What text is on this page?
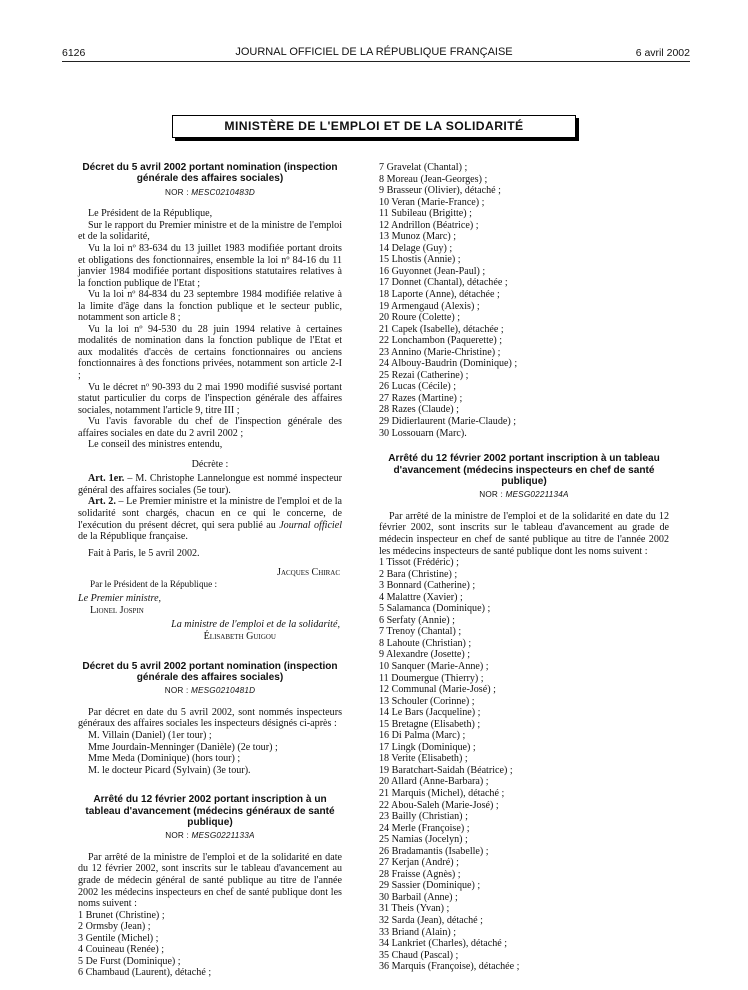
6126	JOURNAL OFFICIEL DE LA RÉPUBLIQUE FRANÇAISE	6 avril 2002
MINISTÈRE DE L'EMPLOI ET DE LA SOLIDARITÉ
Décret du 5 avril 2002 portant nomination (inspection générale des affaires sociales)
NOR : MESC0210483D
Le Président de la République,
Sur le rapport du Premier ministre et de la ministre de l'emploi et de la solidarité,
Vu la loi nº 83-634 du 13 juillet 1983 modifiée portant droits et obligations des fonctionnaires, ensemble la loi nº 84-16 du 11 janvier 1984 modifiée portant dispositions statutaires relatives à la fonction publique de l'Etat ;
Vu la loi nº 84-834 du 23 septembre 1984 modifiée relative à la limite d'âge dans la fonction publique et le secteur public, notamment son article 8 ;
Vu la loi nº 94-530 du 28 juin 1994 relative à certaines modalités de nomination dans la fonction publique de l'Etat et aux modalités d'accès de certains fonctionnaires ou anciens fonctionnaires à des fonctions privées, notamment son article 2-I ;
Vu le décret nº 90-393 du 2 mai 1990 modifié susvisé portant statut particulier du corps de l'inspection générale des affaires sociales, notamment l'article 9, titre III ;
Vu l'avis favorable du chef de l'inspection générale des affaires sociales en date du 2 avril 2002 ;
Le conseil des ministres entendu,
Décrète :
Art. 1er. – M. Christophe Lannelongue est nommé inspecteur général des affaires sociales (5e tour).
Art. 2. – Le Premier ministre et la ministre de l'emploi et de la solidarité sont chargés, chacun en ce qui le concerne, de l'exécution du présent décret, qui sera publié au Journal officiel de la République française.
Fait à Paris, le 5 avril 2002.
Jacques Chirac
Par le Président de la République :
Le Premier ministre,
Lionel Jospin
La ministre de l'emploi et de la solidarité,
Élisabeth Guigou
Décret du 5 avril 2002 portant nomination (inspection générale des affaires sociales)
NOR : MESG0210481D
Par décret en date du 5 avril 2002, sont nommés inspecteurs généraux des affaires sociales les inspecteurs désignés ci-après :
M. Villain (Daniel) (1er tour) ;
Mme Jourdain-Menninger (Danièle) (2e tour) ;
Mme Meda (Dominique) (hors tour) ;
M. le docteur Picard (Sylvain) (3e tour).
Arrêté du 12 février 2002 portant inscription à un tableau d'avancement (médecins généraux de santé publique)
NOR : MESG0221133A
Par arrêté de la ministre de l'emploi et de la solidarité en date du 12 février 2002, sont inscrits sur le tableau d'avancement au grade de médecin général de santé publique au titre de l'année 2002 les médecins inspecteurs en chef de santé publique dont les noms suivent :
1 Brunet (Christine) ;
2 Ormsby (Jean) ;
3 Gentile (Michel) ;
4 Couineau (Renée) ;
5 De Furst (Dominique) ;
6 Chambaud (Laurent), détaché ;
7 Gravelat (Chantal) ;
8 Moreau (Jean-Georges) ;
9 Brasseur (Olivier), détaché ;
10 Veran (Marie-France) ;
11 Subileau (Brigitte) ;
12 Andrillon (Béatrice) ;
13 Munoz (Marc) ;
14 Delage (Guy) ;
15 Lhostis (Annie) ;
16 Guyonnet (Jean-Paul) ;
17 Donnet (Chantal), détachée ;
18 Laporte (Anne), détachée ;
19 Armengaud (Alexis) ;
20 Roure (Colette) ;
21 Capek (Isabelle), détachée ;
22 Lonchambon (Paquerette) ;
23 Annino (Marie-Christine) ;
24 Albouy-Baudrin (Dominique) ;
25 Rezai (Catherine) ;
26 Lucas (Cécile) ;
27 Razes (Martine) ;
28 Razes (Claude) ;
29 Didierlaurent (Marie-Claude) ;
30 Lossouarn (Marc).
Arrêté du 12 février 2002 portant inscription à un tableau d'avancement (médecins inspecteurs en chef de santé publique)
NOR : MESG0221134A
Par arrêté de la ministre de l'emploi et de la solidarité en date du 12 février 2002, sont inscrits sur le tableau d'avancement au grade de médecin inspecteur en chef de santé publique au titre de l'année 2002 les médecins inspecteurs de santé publique dont les noms suivent :
1 Tissot (Frédéric) ;
2 Bara (Christine) ;
3 Bonnard (Catherine) ;
4 Malattre (Xavier) ;
5 Salamanca (Dominique) ;
6 Serfaty (Annie) ;
7 Trenoy (Chantal) ;
8 Lahoute (Christian) ;
9 Alexandre (Josette) ;
10 Sanquer (Marie-Anne) ;
11 Doumergue (Thierry) ;
12 Communal (Marie-José) ;
13 Schouler (Corinne) ;
14 Le Bars (Jacqueline) ;
15 Bretagne (Elisabeth) ;
16 Di Palma (Marc) ;
17 Lingk (Dominique) ;
18 Verite (Elisabeth) ;
19 Baratchart-Saidah (Béatrice) ;
20 Allard (Anne-Barbara) ;
21 Marquis (Michel), détaché ;
22 Abou-Saleh (Marie-José) ;
23 Bailly (Christian) ;
24 Merle (Françoise) ;
25 Namias (Jocelyn) ;
26 Bradamantis (Isabelle) ;
27 Kerjan (André) ;
28 Fraisse (Agnès) ;
29 Sassier (Dominique) ;
30 Barbail (Anne) ;
31 Theis (Yvan) ;
32 Sarda (Jean), détaché ;
33 Briand (Alain) ;
34 Lankriet (Charles), détaché ;
35 Chaud (Pascal) ;
36 Marquis (Françoise), détachée ;
